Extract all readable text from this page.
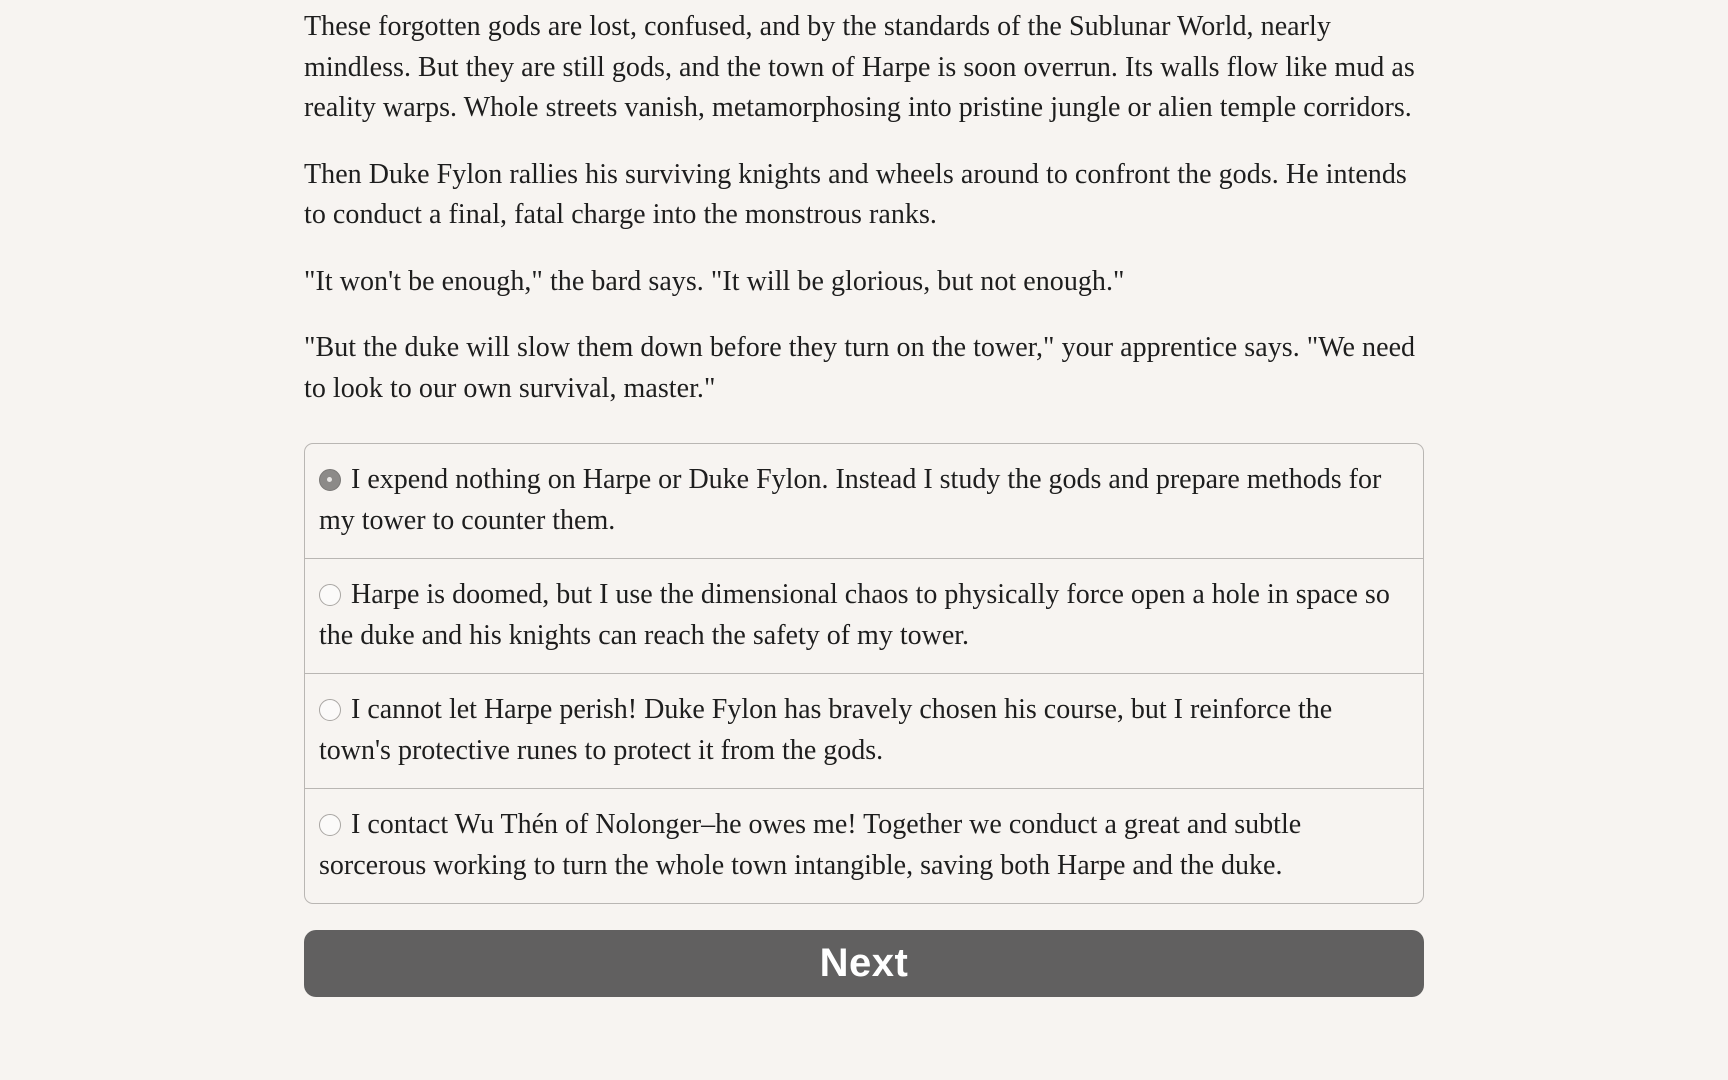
These forgotten gods are lost, confused, and by the standards of the Sublunar World, nearly mindless. But they are still gods, and the town of Harpe is soon overrun. Its walls flow like mud as reality warps. Whole streets vanish, metamorphosing into pristine jungle or alien temple corridors.

Then Duke Fylon rallies his surviving knights and wheels around to confront the gods. He intends to conduct a final, fatal charge into the monstrous ranks.

"It won't be enough," the bard says. "It will be glorious, but not enough."

"But the duke will slow them down before they turn on the tower," your apprentice says. "We need to look to our own survival, master."

I expend nothing on Harpe or Duke Fylon. Instead I study the gods and prepare methods for my tower to counter them.
Harpe is doomed, but I use the dimensional chaos to physically force open a hole in space so the duke and his knights can reach the safety of my tower.
I cannot let Harpe perish! Duke Fylon has bravely chosen his course, but I reinforce the town's protective runes to protect it from the gods.
I contact Wu Thén of Nolonger–he owes me! Together we conduct a great and subtle sorcerous working to turn the whole town intangible, saving both Harpe and the duke.
Next
